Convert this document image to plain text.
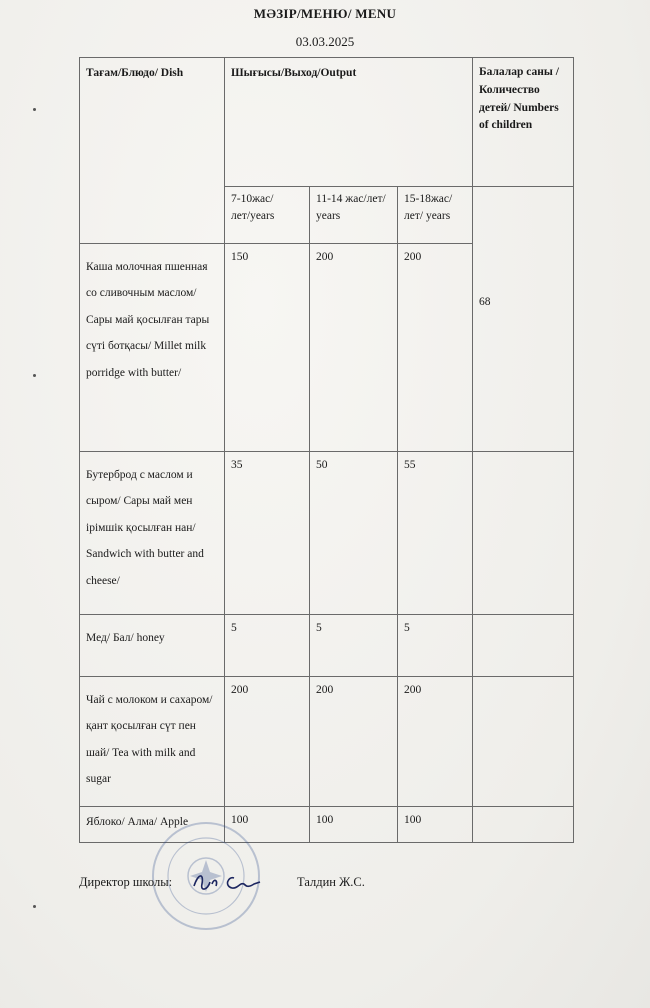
МӘЗІР/МЕНЮ/ MENU
03.03.2025
Тағам/Блюдо/ Dish	Шығысы/Выход/Output			Балалар саны /Количество детей/ Numbers of children
	7-10жас/лет/years	11-14 жас/лет/ years	15-18жас/лет/ years	68
Каша молочная пшенная со сливочным маслом/ Сары май қосылған тары сүті ботқасы/ Millet milk porridge with butter/	150	200	200	
Бутерброд с маслом и сыром/ Сары май мен ірімшік қосылған нан/ Sandwich with butter and cheese/	35	50	55	
Мед/ Бал/ honey	5	5	5	
Чай с молоком и сахаром/қант қосылған сүт пен шай/ Tea with milk and sugar	200	200	200	
Яблоко/ Алма/ Apple	100	100	100	
Директор школы:	Талдин Ж.С.
